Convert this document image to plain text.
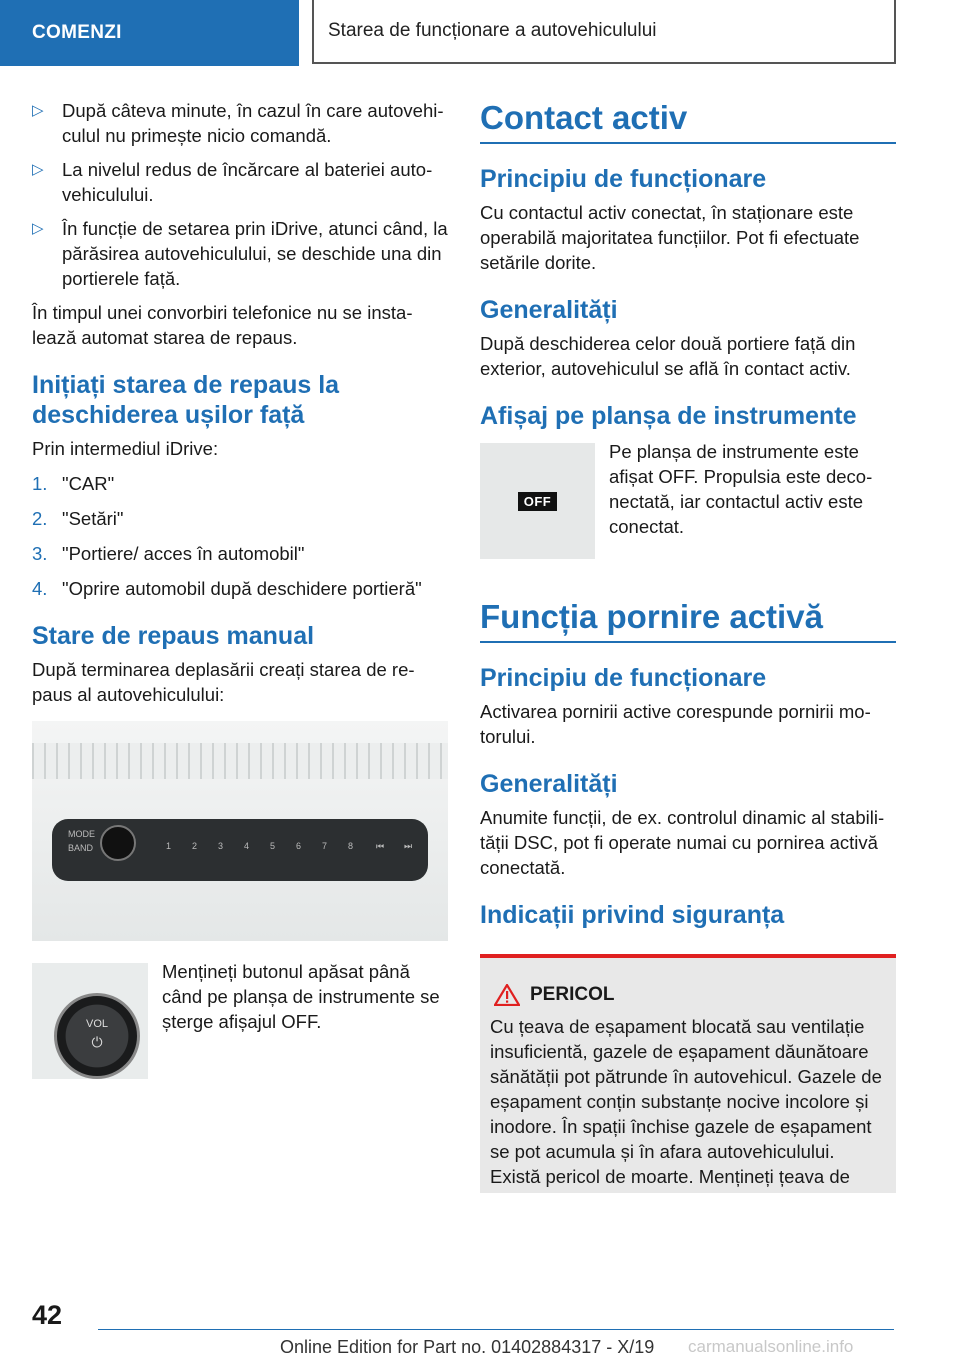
COMENZI	Starea de funcționare a autovehiculului
▷ După câteva minute, în cazul în care autovehiculul nu primește nicio comandă.
▷ La nivelul redus de încărcare al bateriei autovehiculului.
▷ În funcție de setarea prin iDrive, atunci când, la părăsirea autovehiculului, se deschide una din portierele față.

În timpul unei convorbiri telefonice nu se instalează automat starea de repaus.

Inițiați starea de repaus la deschiderea ușilor față

Prin intermediul iDrive:

1. "CAR"
2. "Setări"
3. "Portiere/ acces în automobil"
4. "Oprire automobil după deschidere portieră"
Stare de repaus manual

După terminarea deplasării creați starea de repaus al autovehiculului:

MODE
BAND	1 2 3 4 5 6 7 8	⏮ ⏭
VOL
⏻

Mențineți butonul apăsat până când pe planșa de instrumente se șterge afișajul OFF.

Contact activ
Principiu de funcționare

Cu contactul activ conectat, în staționare este operabilă majoritatea funcțiilor. Pot fi efectuate setările dorite.

Generalități

După deschiderea celor două portiere față din exterior, autovehiculul se află în contact activ.

Afișaj pe planșa de instrumente
OFF

Pe planșa de instrumente este afișat OFF. Propulsia este deconectată, iar contactul activ este conectat.

Funcția pornire activă
Principiu de funcționare

Activarea pornirii active corespunde pornirii motorului.

Generalități

Anumite funcții, de ex. controlul dinamic al stabilității DSC, pot fi operate numai cu pornirea activă conectată.

Indicații privind siguranța
PERICOL

Cu țeava de eșapament blocată sau ventilație insuficientă, gazele de eșapament dăunătoare sănătății pot pătrunde în autovehicul. Gazele de eșapament conțin substanțe nocive incolore și inodore. În spații închise gazele de eșapament se pot acumula și în afara autovehiculului. Există pericol de moarte. Mențineți țeava de

42
Online Edition for Part no. 01402884317 - X/19 carmanualsonline.info
